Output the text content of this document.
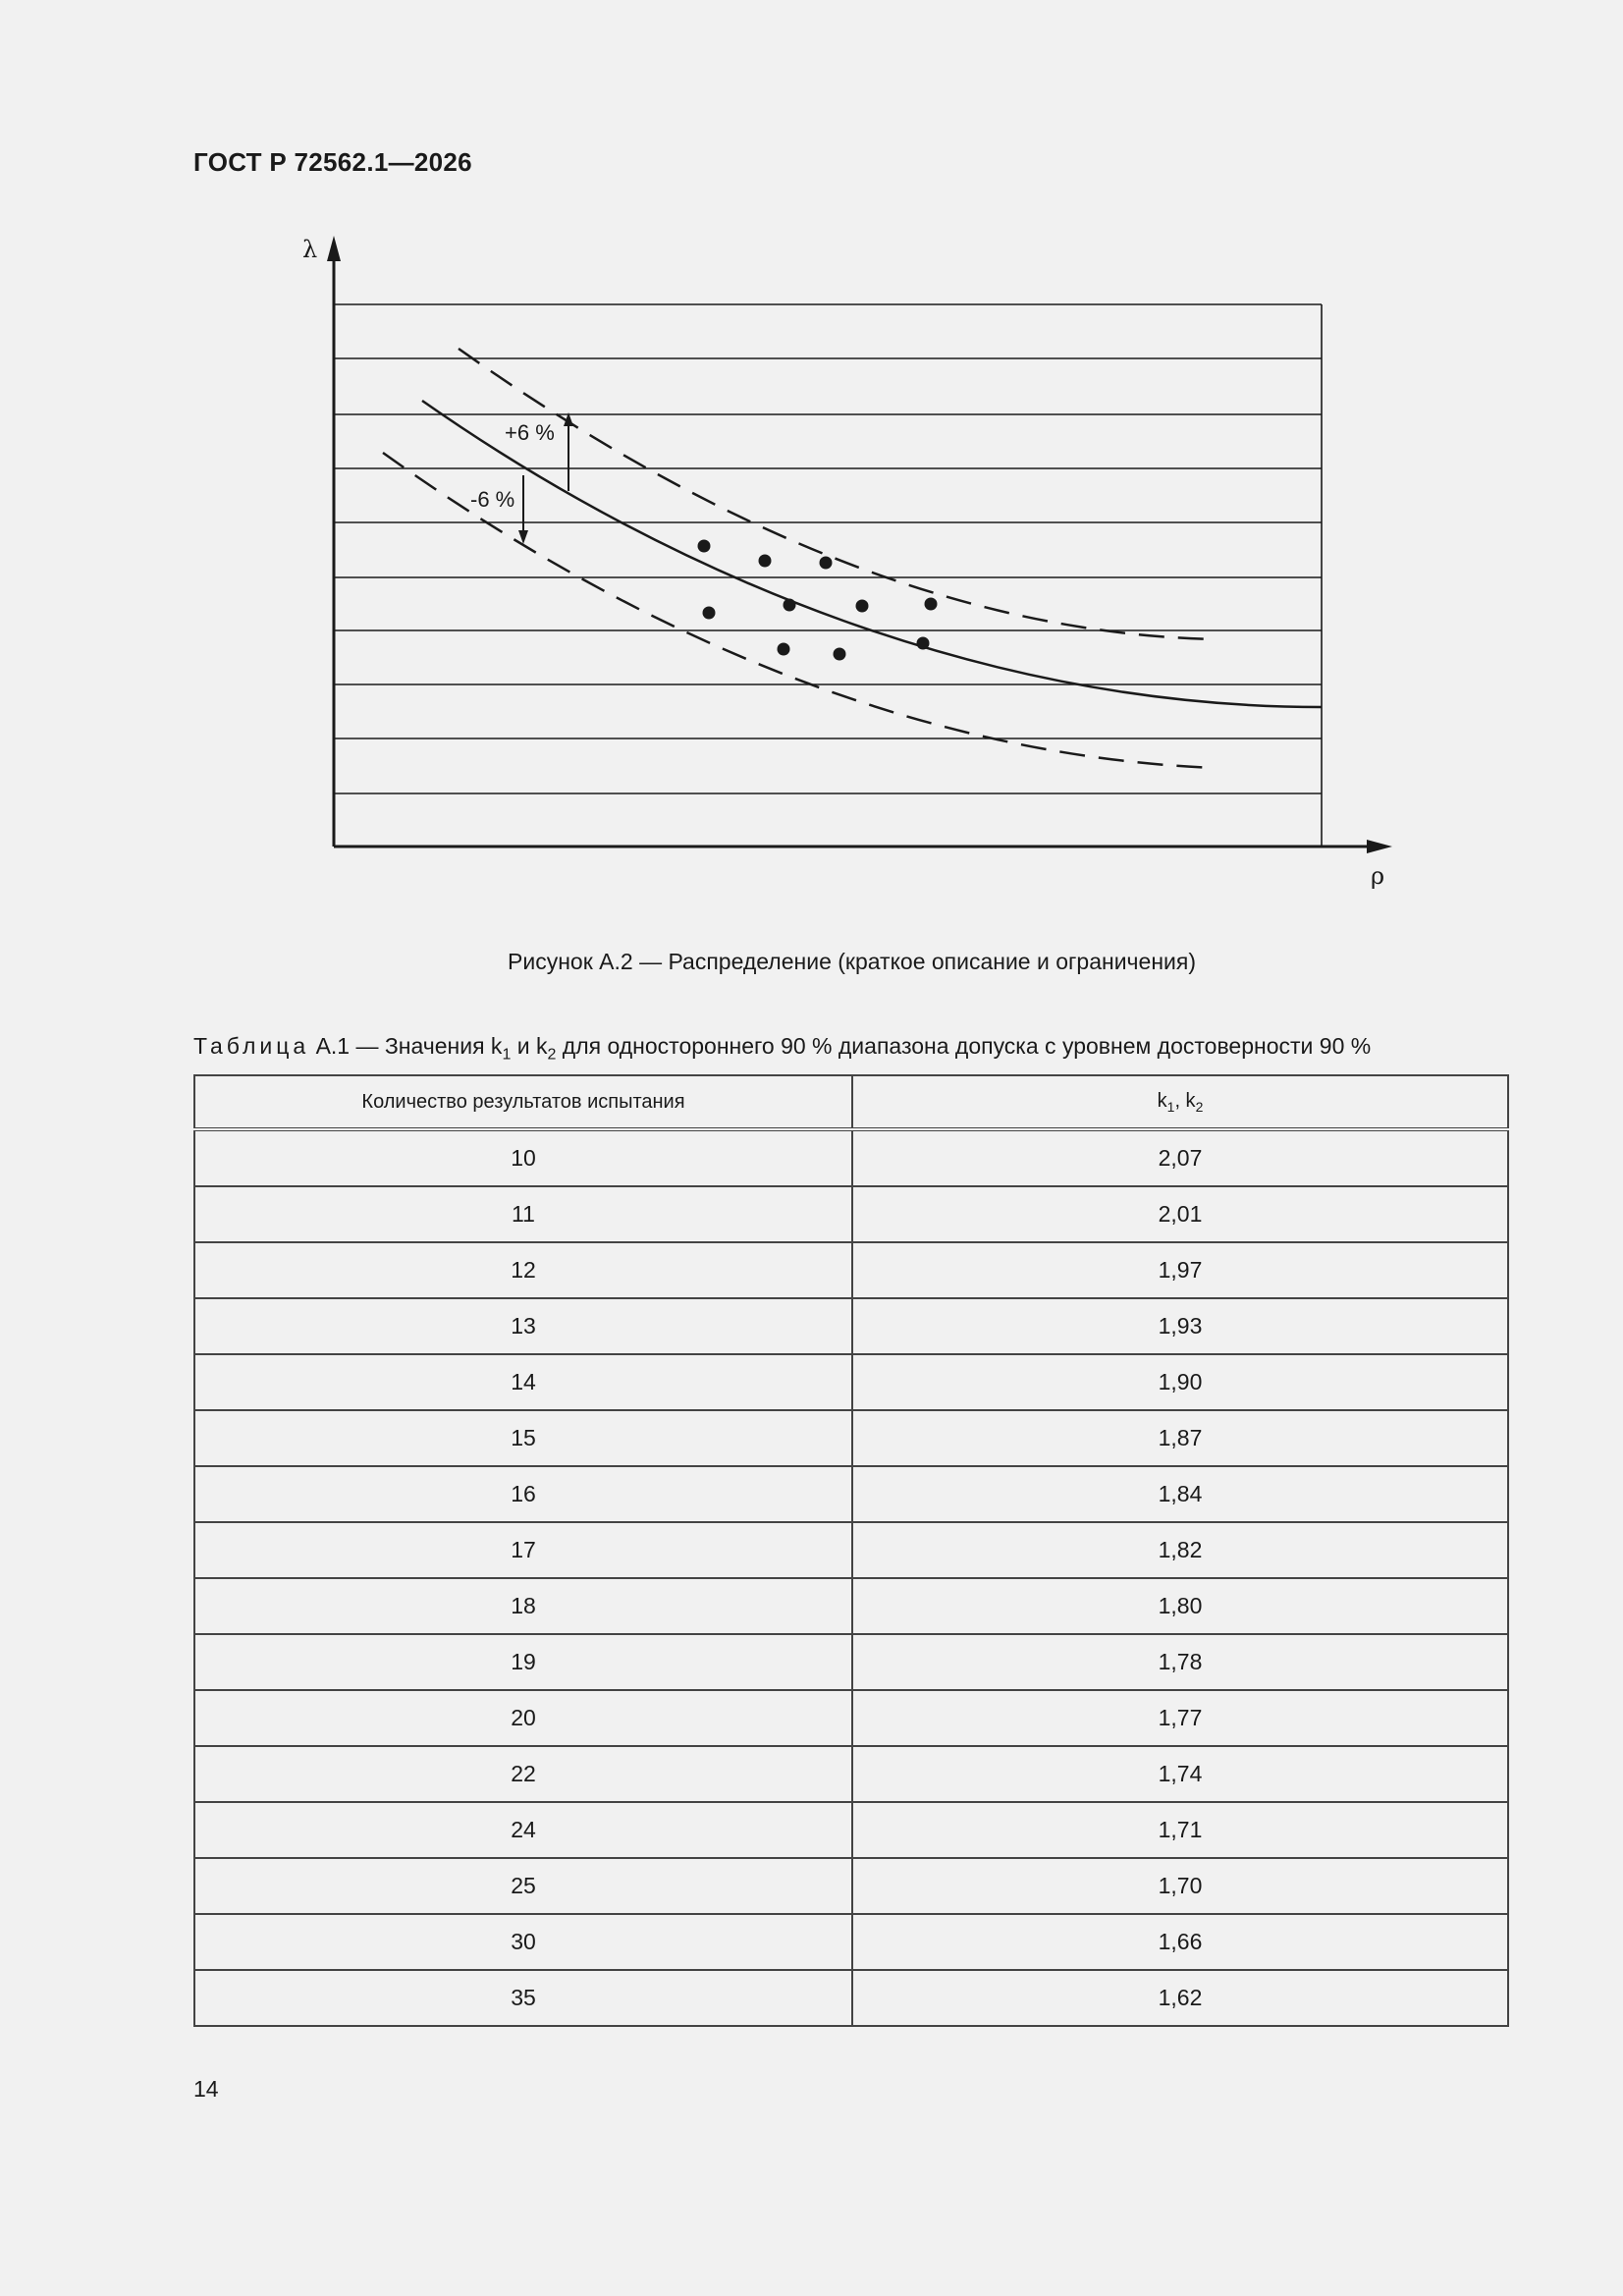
ГОСТ Р 72562.1—2026
λ
ρ
+6 %
-6 %
Рисунок А.2 — Распределение (краткое описание и ограничения)
Таблица А.1 — Значения $k_1$ и $k_2$ для одностороннего 90 % диапазона допуска с уровнем достоверности 90 %
Количество результатов испытания	$k_1$, $k_2$
10	2,07
11	2,01
12	1,97
13	1,93
14	1,90
15	1,87
16	1,84
17	1,82
18	1,80
19	1,78
20	1,77
22	1,74
24	1,71
25	1,70
30	1,66
35	1,62
14
